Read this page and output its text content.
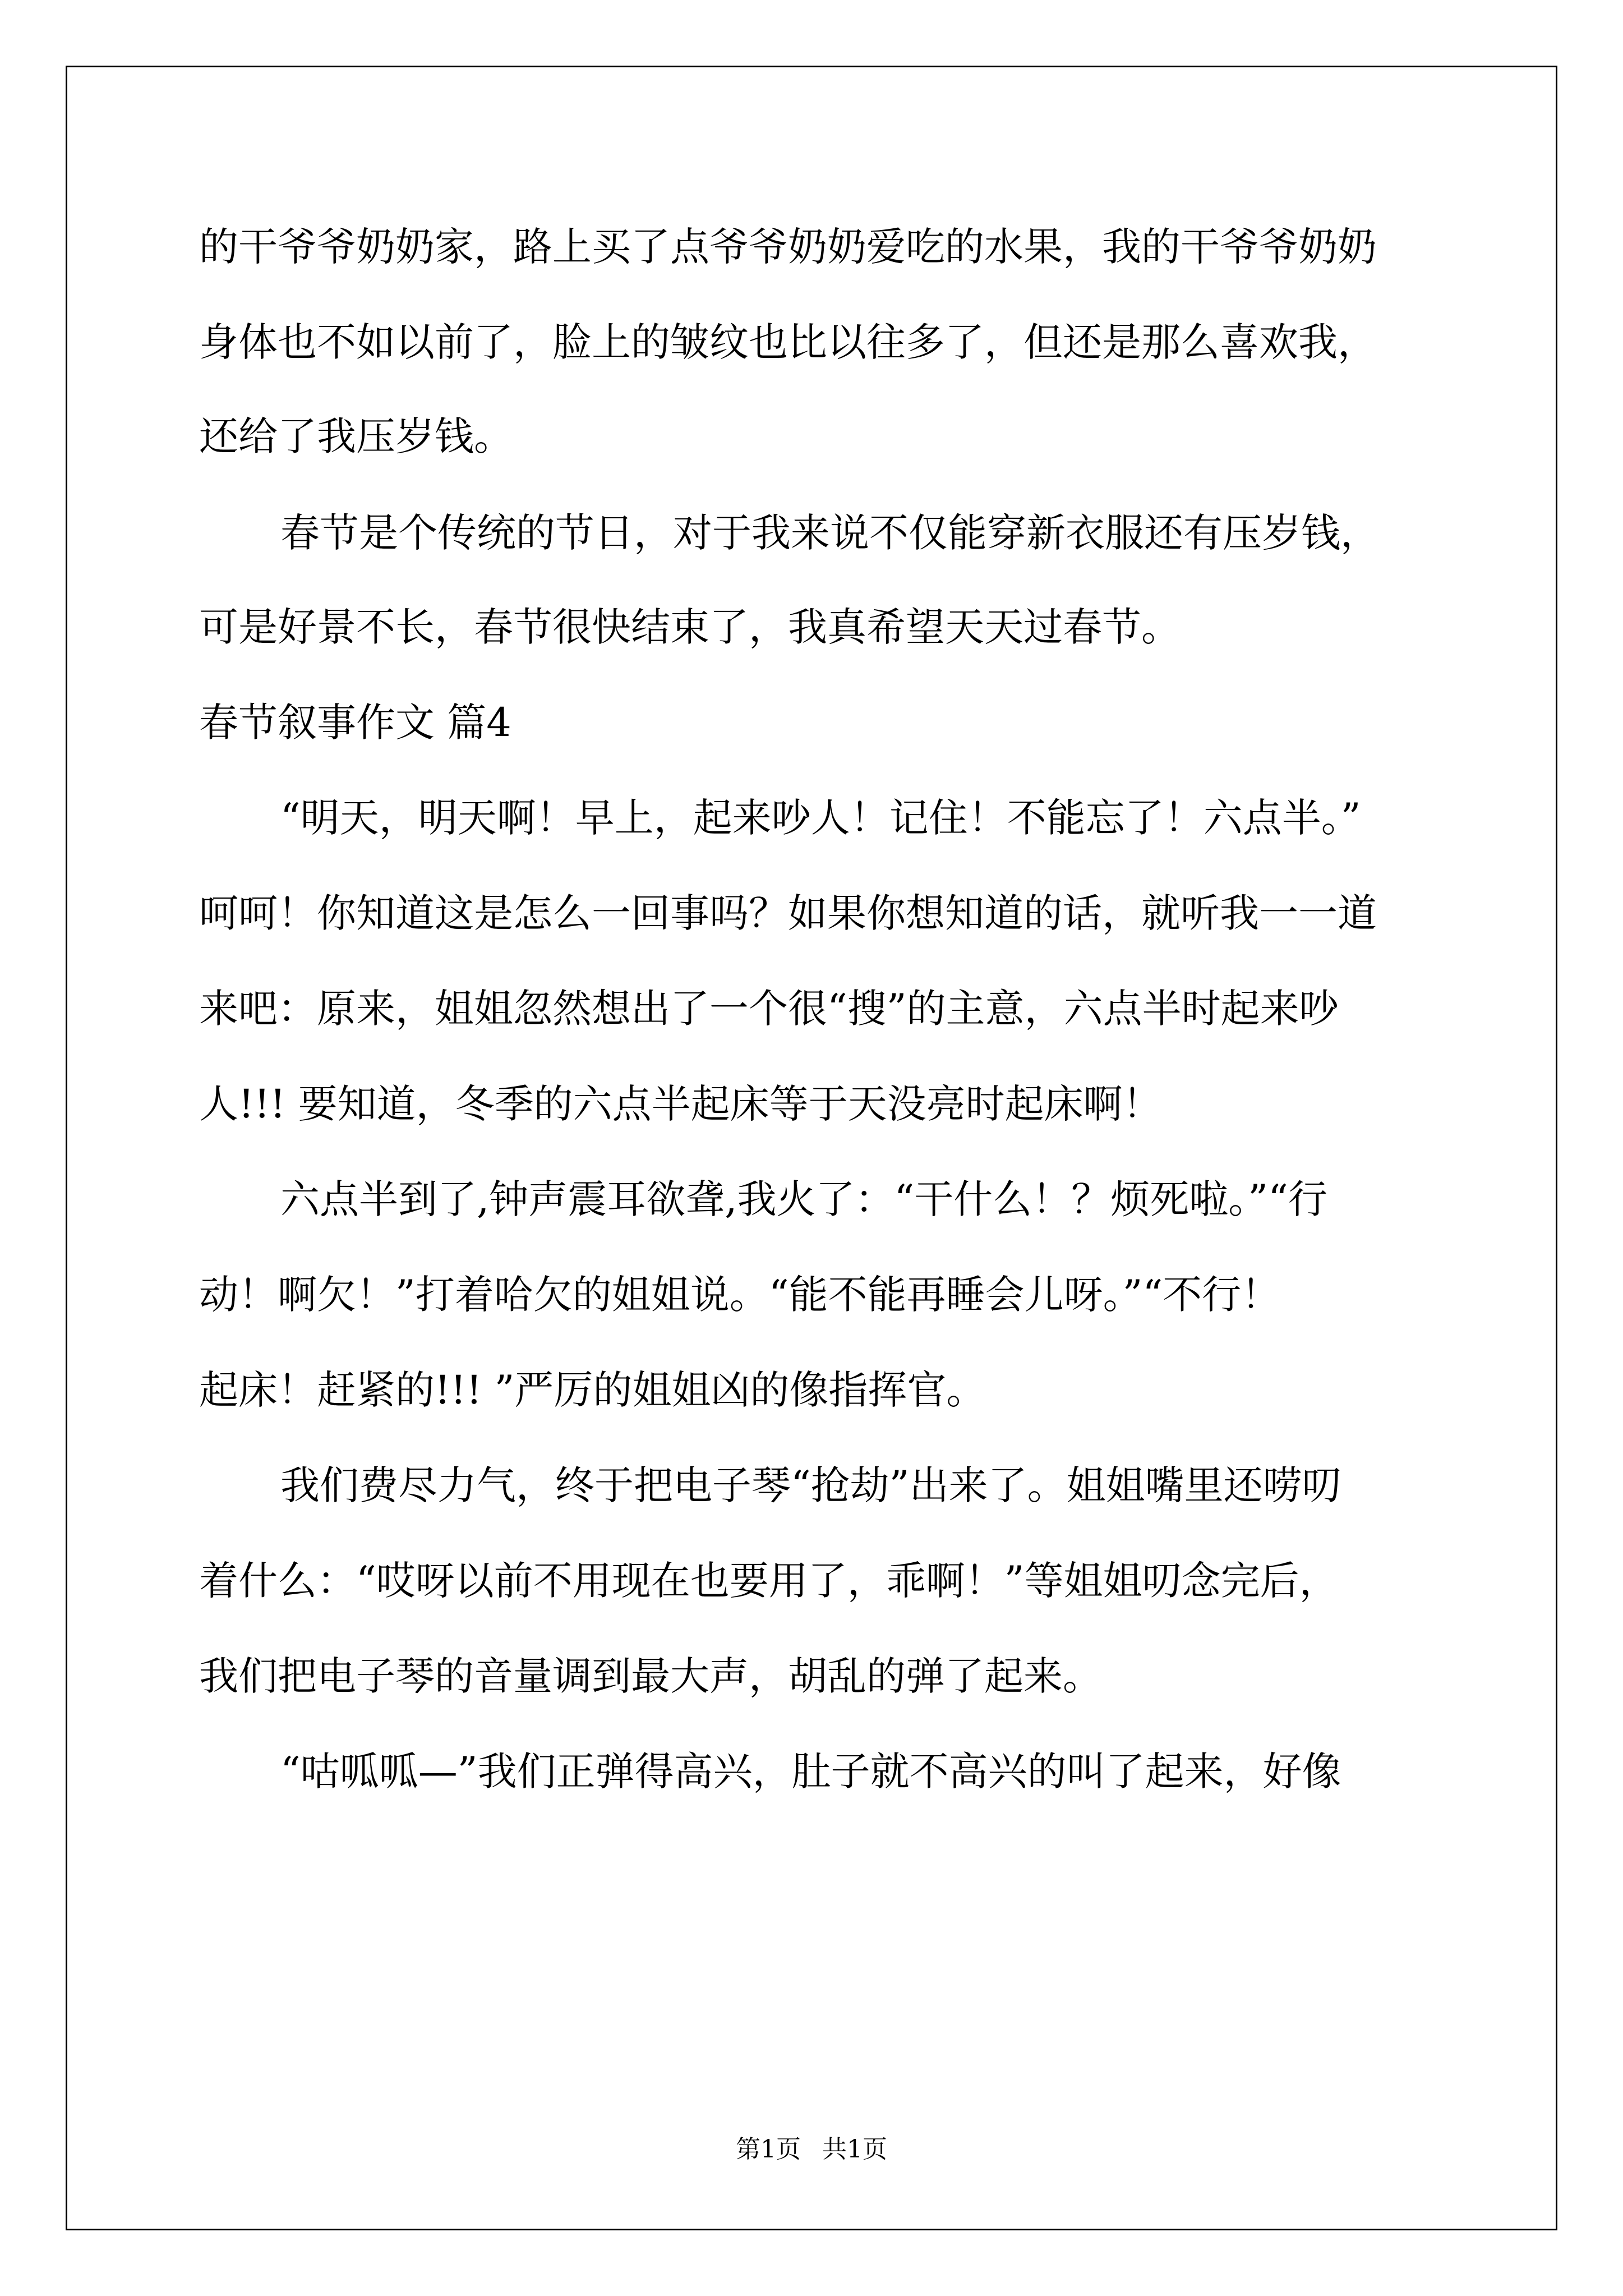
的干爷爷奶奶家，路上买了点爷爷奶奶爱吃的水果，我的干爷爷奶奶
身体也不如以前了，脸上的皱纹也比以往多了，但还是那么喜欢我，
还给了我压岁钱。
春节是个传统的节日，对于我来说不仅能穿新衣服还有压岁钱，
可是好景不长，春节很快结束了，我真希望天天过春节。
春节叙事作文 篇4
“明天，明天啊！早上，起来吵人！记住！不能忘了！六点半。”
呵呵！你知道这是怎么一回事吗？如果你想知道的话，就听我一一道
来吧：原来，姐姐忽然想出了一个很“搜”的主意，六点半时起来吵
人!!! 要知道，冬季的六点半起床等于天没亮时起床啊！
六点半到了,钟声震耳欲聋,我火了：“干什么！？烦死啦。”“行
动！啊欠！”打着哈欠的姐姐说。“能不能再睡会儿呀。”“不行！
起床！赶紧的!!! ”严厉的姐姐凶的像指挥官。
我们费尽力气，终于把电子琴“抢劫”出来了。姐姐嘴里还唠叨
着什么：“哎呀以前不用现在也要用了，乖啊！”等姐姐叨念完后，
我们把电子琴的音量调到最大声，胡乱的弹了起来。
“咕呱呱—”我们正弹得高兴，肚子就不高兴的叫了起来，好像
第1页 共1页
